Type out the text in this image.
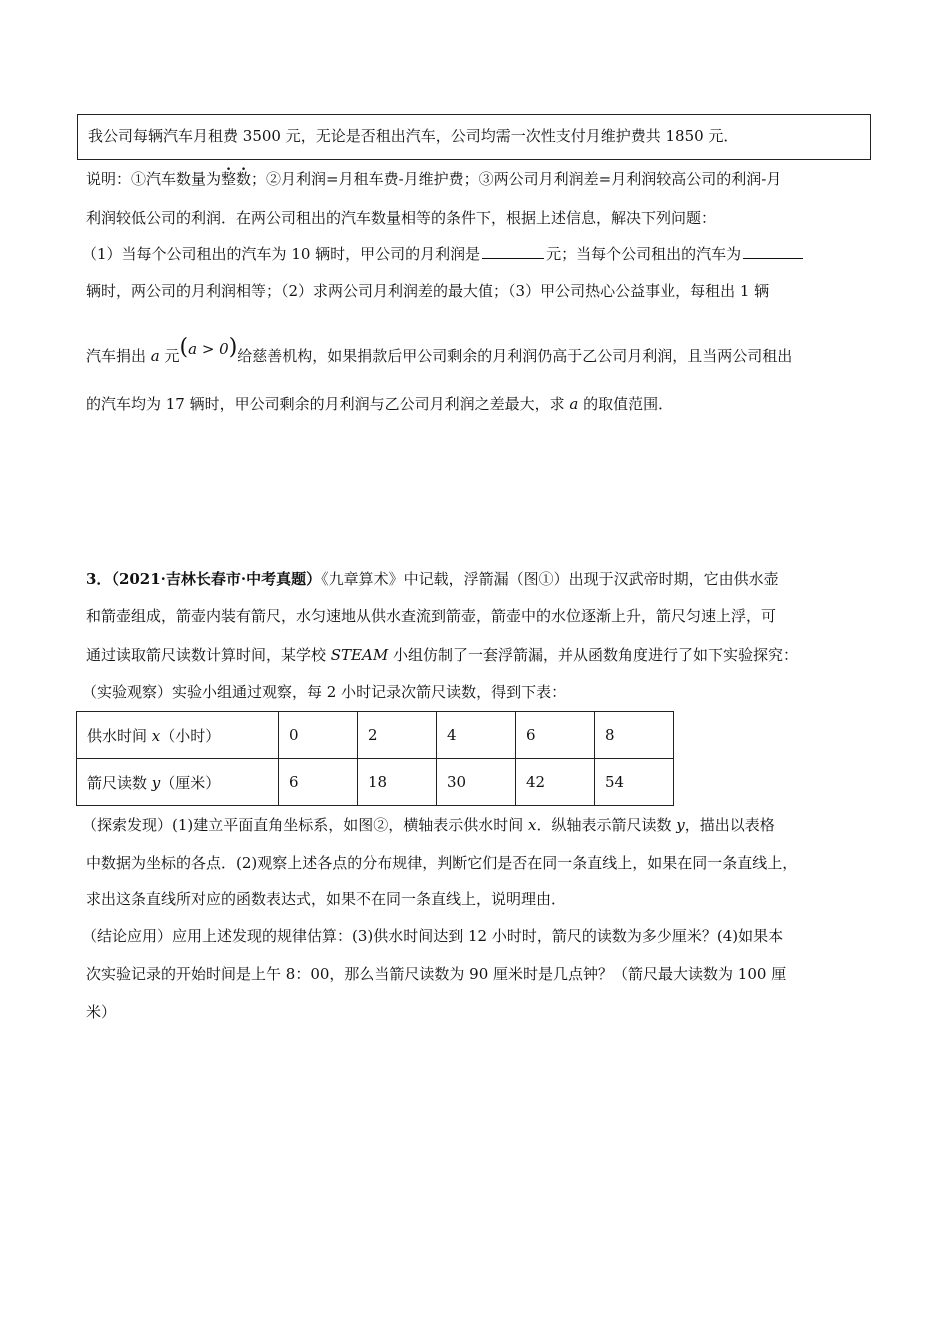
我公司每辆汽车月租费 3500 元，无论是否租出汽车，公司均需一次性支付月维护费共 1850 元．
说明：①汽车数量为整数；②月利润=月租车费-月维护费；③两公司月利润差=月利润较高公司的利润-月
利润较低公司的利润．在两公司租出的汽车数量相等的条件下，根据上述信息，解决下列问题：
（1）当每个公司租出的汽车为 10 辆时，甲公司的月利润是	元；当每个公司租出的汽车为
辆时，两公司的月利润相等；（2）求两公司月利润差的最大值；（3）甲公司热心公益事业，每租出 1 辆
汽车捐出 a 元(a > 0)给慈善机构，如果捐款后甲公司剩余的月利润仍高于乙公司月利润，且当两公司租出
的汽车均为 17 辆时，甲公司剩余的月利润与乙公司月利润之差最大，求 a 的取值范围．
3．（2021·吉林长春市·中考真题）《九章算术》中记载，浮箭漏（图①）出现于汉武帝时期，它由供水壶
和箭壶组成，箭壶内装有箭尺，水匀速地从供水查流到箭壶，箭壶中的水位逐渐上升，箭尺匀速上浮，可
通过读取箭尺读数计算时间，某学校 STEAM 小组仿制了一套浮箭漏，并从函数角度进行了如下实验探究：
（实验观察）实验小组通过观察，每 2 小时记录次箭尺读数，得到下表：
供水时间 x（小时）	0	2	4	6	8
箭尺读数 y（厘米）	6	18	30	42	54
（探索发现）(1)建立平面直角坐标系，如图②，横轴表示供水时间 x．纵轴表示箭尺读数 y，描出以表格
中数据为坐标的各点．(2)观察上述各点的分布规律，判断它们是否在同一条直线上，如果在同一条直线上，
求出这条直线所对应的函数表达式，如果不在同一条直线上，说明理由．
（结论应用）应用上述发现的规律估算：(3)供水时间达到 12 小时时，箭尺的读数为多少厘米？(4)如果本
次实验记录的开始时间是上午 8：00，那么当箭尺读数为 90 厘米时是几点钟？（箭尺最大读数为 100 厘
米）
